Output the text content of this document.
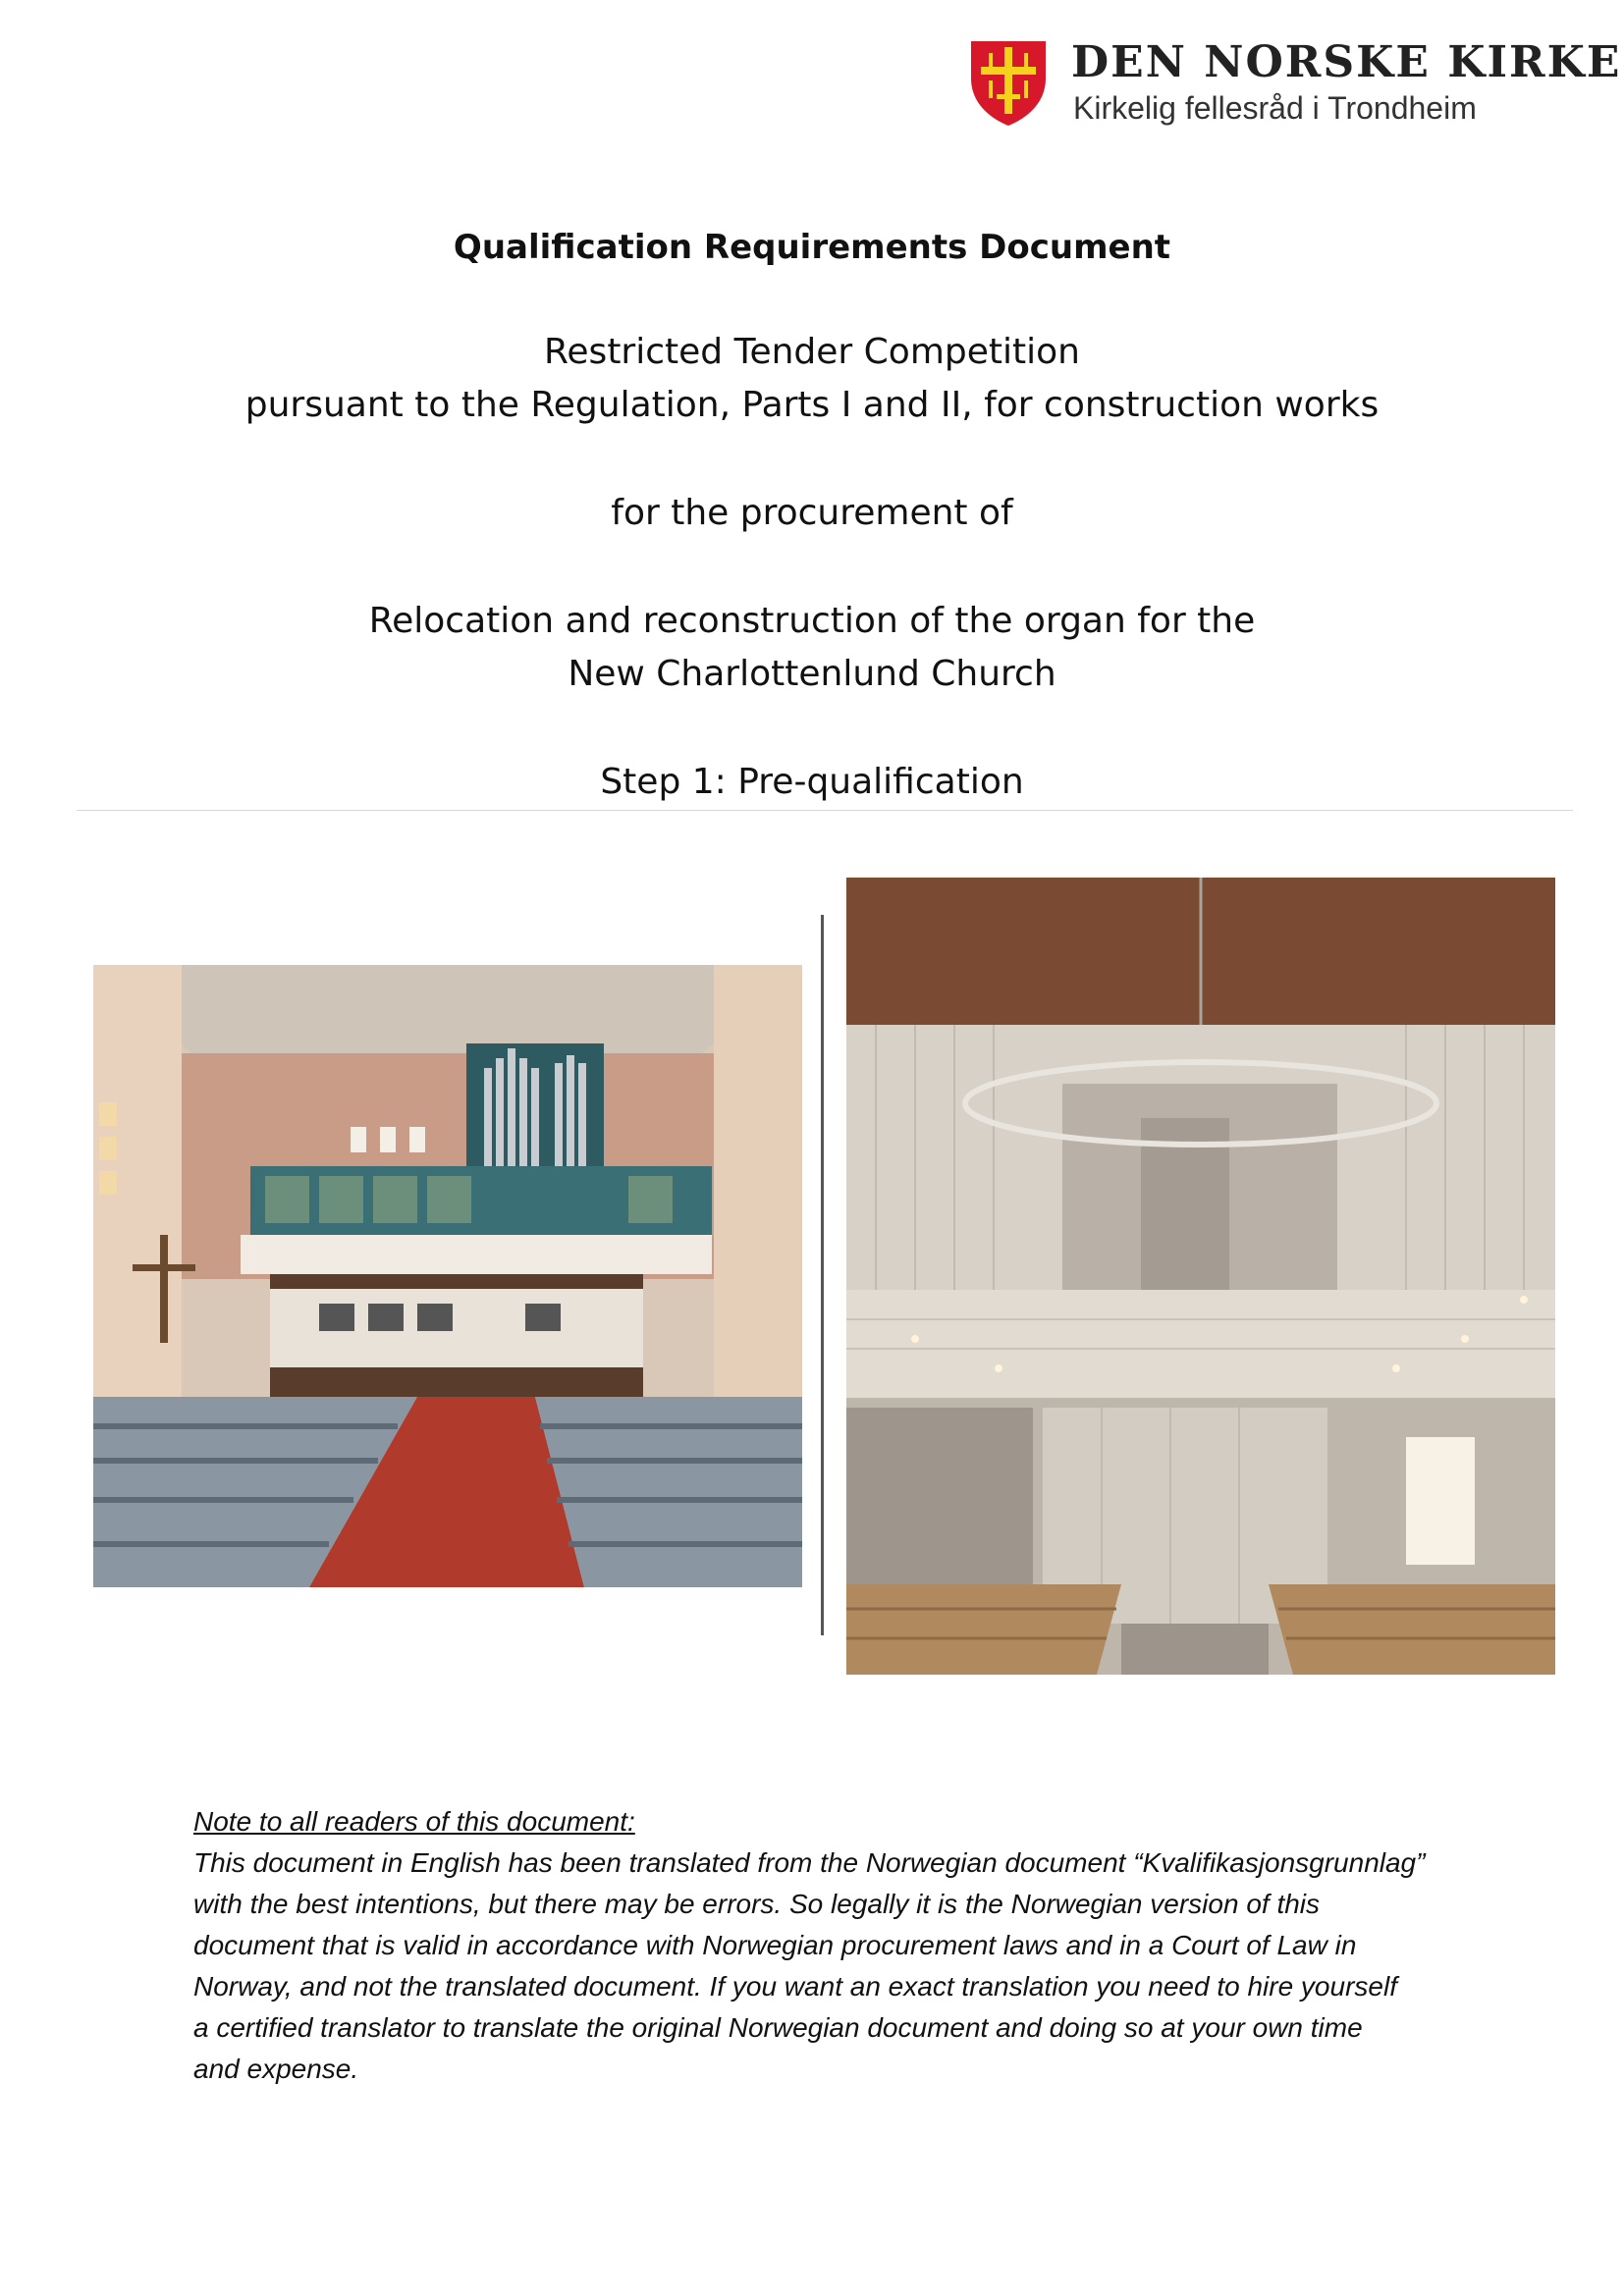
DEN NORSKE KIRKE
Kirkelig fellesråd i Trondheim
Qualification Requirements Document
Restricted Tender Competition
pursuant to the Regulation, Parts I and II, for construction works
for the procurement of
Relocation and reconstruction of the organ for the
New Charlottenlund Church
Step 1: Pre-qualification
Note to all readers of this document:
This document in English has been translated from the Norwegian document “Kvalifikasjonsgrunnlag”
with the best intentions, but there may be errors. So legally it is the Norwegian version of this
document that is valid in accordance with Norwegian procurement laws and in a Court of Law in
Norway, and not the translated document. If you want an exact translation you need to hire yourself
a certified translator to translate the original Norwegian document and doing so at your own time
and expense.
